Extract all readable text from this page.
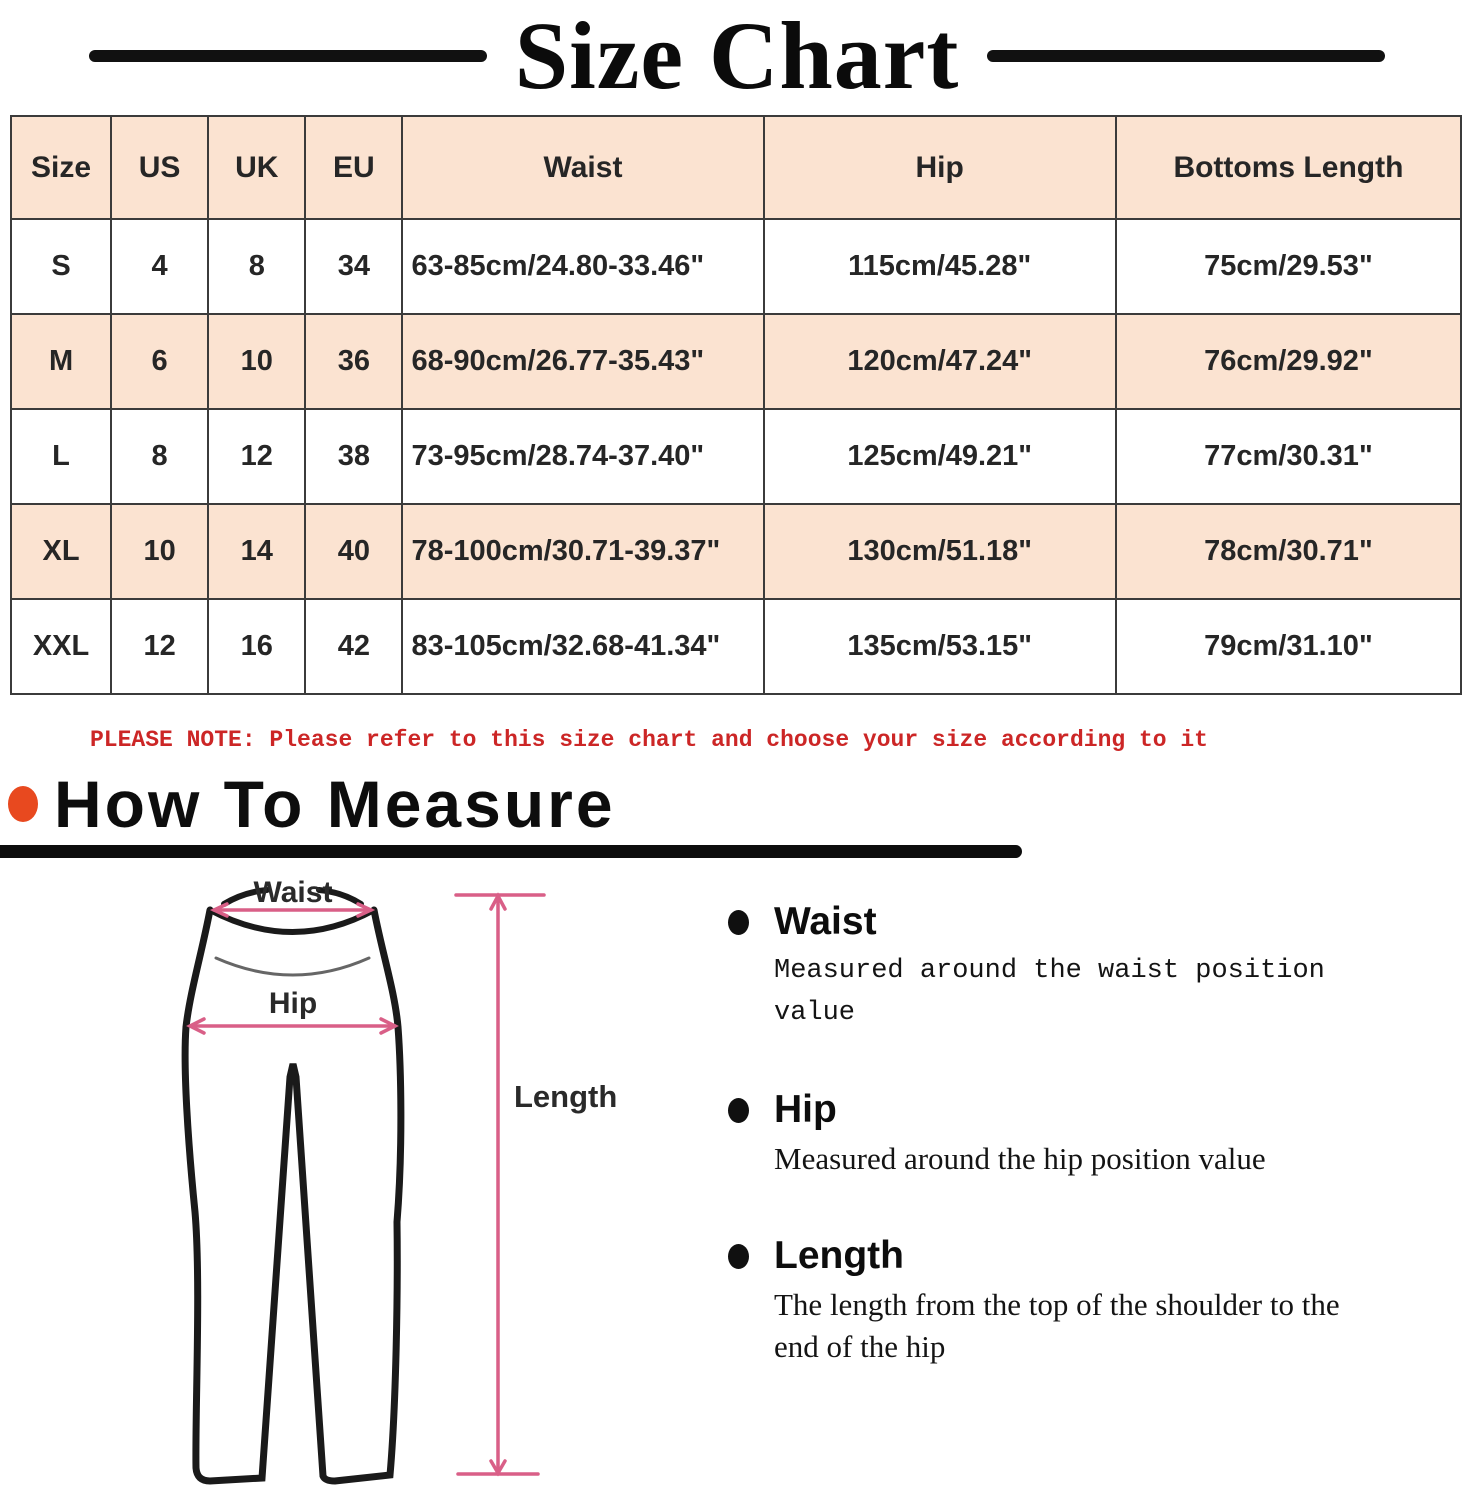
Size Chart
Size	US	UK	EU	Waist	Hip	Bottoms Length
S	4	8	34	63-85cm/24.80-33.46"	115cm/45.28"	75cm/29.53"
M	6	10	36	68-90cm/26.77-35.43"	120cm/47.24"	76cm/29.92"
L	8	12	38	73-95cm/28.74-37.40"	125cm/49.21"	77cm/30.31"
XL	10	14	40	78-100cm/30.71-39.37"	130cm/51.18"	78cm/30.71"
XXL	12	16	42	83-105cm/32.68-41.34"	135cm/53.15"	79cm/31.10"
PLEASE NOTE: Please refer to this size chart and choose your size according to it
How To Measure
Waist
Hip
Length
Waist
Measured around the waist position value
Hip
Measured around the hip position value
Length
The length from the top of the shoulder to the end of the hip
